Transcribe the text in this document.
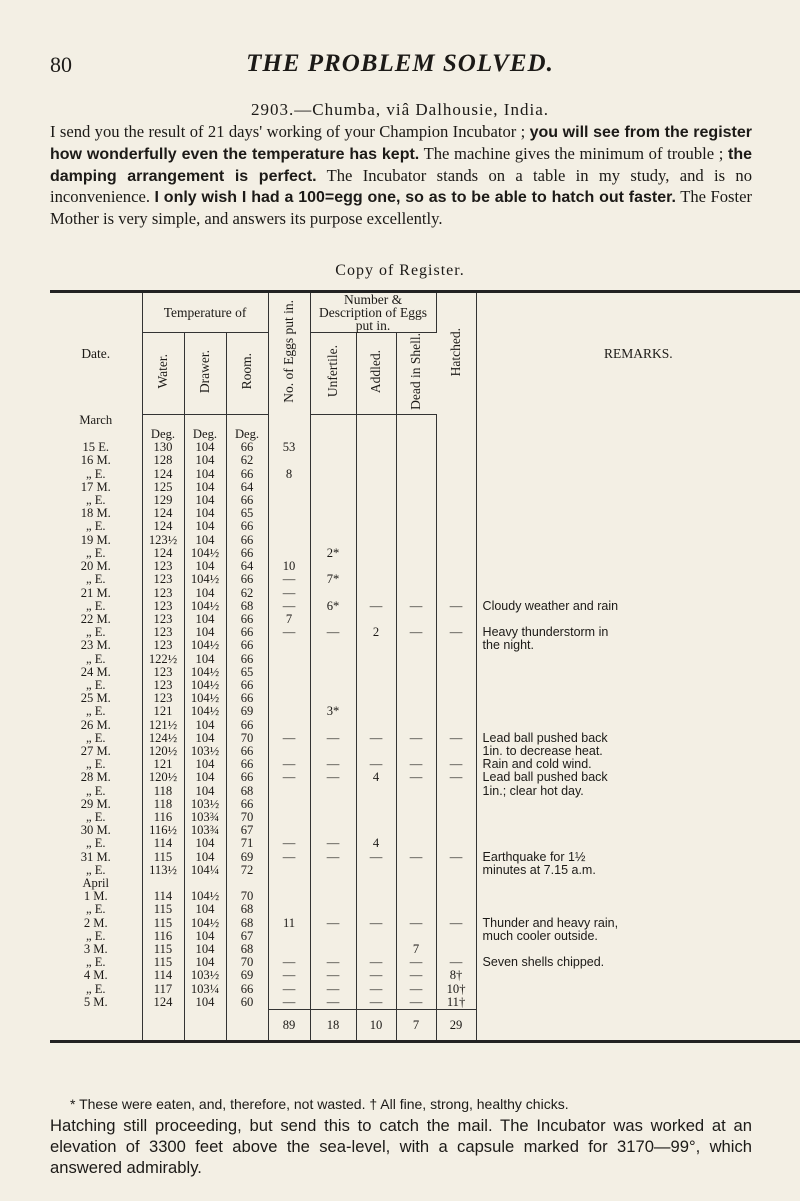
80	THE PROBLEM SOLVED.
2903.—Chumba, viâ Dalhousie, India.

I send you the result of 21 days' working of your Champion Incubator ; you will see from the register how wonderfully even the temperature has kept. The machine gives the minimum of trouble ; the damping arrangement is perfect. The Incubator stands on a table in my study, and is no inconvenience. I only wish I had a 100=egg one, so as to be able to hatch out faster. The Foster Mother is very simple, and answers its purpose excellently.

Copy of Register.
Date.	Temperature of			No. of Eggs put in.	Number & Description of Eggs put in.			Hatched.	REMARKS.
	Water.	Drawer.	Room.		Unfertile.	Addled.	Dead in Shell.		
March									
	Deg.	Deg.	Deg.						
15 E.	130	104	66	53					
16 M.	128	104	62						
„ E.	124	104	66	8					
17 M.	125	104	64						
„ E.	129	104	66						
18 M.	124	104	65						
„ E.	124	104	66						
19 M.	123½	104	66						
„ E.	124	104½	66		2*				
20 M.	123	104	64	10					
„ E.	123	104½	66	—	7*				
21 M.	123	104	62	—					
„ E.	123	104½	68	—	6*	—	—	—	Cloudy weather and rain
22 M.	123	104	66	7					
„ E.	123	104	66	—	—	2	—	—	Heavy thunderstorm in
23 M.	123	104½	66						the night.
„ E.	122½	104	66						
24 M.	123	104½	65						
„ E.	123	104½	66						
25 M.	123	104½	66						
„ E.	121	104½	69		3*				
26 M.	121½	104	66						
„ E.	124½	104	70	—	—	—	—	—	Lead ball pushed back
27 M.	120½	103½	66						1in. to decrease heat.
„ E.	121	104	66	—	—	—	—	—	Rain and cold wind.
28 M.	120½	104	66	—	—	4	—	—	Lead ball pushed back
„ E.	118	104	68						1in.; clear hot day.
29 M.	118	103½	66						
„ E.	116	103¾	70						
30 M.	116½	103¾	67						
„ E.	114	104	71	—	—	4			
31 M.	115	104	69	—	—	—	—	—	Earthquake for 1½
„ E.	113½	104¼	72						minutes at 7.15 a.m.
April									
1 M.	114	104½	70						
„ E.	115	104	68						
2 M.	115	104½	68	11	—	—	—	—	Thunder and heavy rain,
„ E.	116	104	67						much cooler outside.
3 M.	115	104	68				7		
„ E.	115	104	70	—	—	—	—	—	Seven shells chipped.
4 M.	114	103½	69	—	—	—	—	8†	
„ E.	117	103¼	66	—	—	—	—	10†	
5 M.	124	104	60	—	—	—	—	11†	
				89	18	10	7	29	
* These were eaten, and, therefore, not wasted. † All fine, strong, healthy chicks.

Hatching still proceeding, but send this to catch the mail. The Incubator was worked at an elevation of 3300 feet above the sea-level, with a capsule marked for 3170—99°, which answered admirably.
